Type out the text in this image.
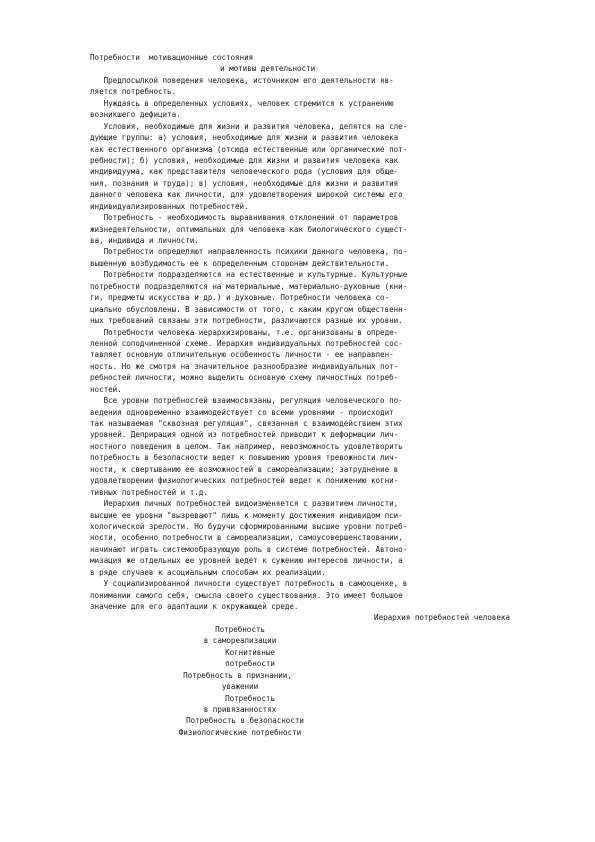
Потребности  мотивационные состояния
и мотивы деятельности
Предпосылкой поведения человека, источником его деятельности яв-
ляется потребность.
Нуждаясь в определенных условиях, человек стремится к устранению
возникшего дефицита.
Условия, необходимые для жизни и развития человека, делятся на сле-
дующие группы: а) условия, необходимые для жизни и развития человека
как естественного организма (отсюда естественные или органические пот-
ребности); б) условия, необходимые для жизни и развития человека как
индивидуума, как представителя человеческого рода (условия для обще-
ния, познания и труда); в) условия, необходимые для жизни и развития
данного человека как личности, для удовлетворения широкой системы его
индивидуализированных потребностей.
Потребность - необходимость выравнивания отклонений от параметров
жизнедеятельности, оптимальных для человека как биологического сущест-
ва, индивида и личности.
Потребности определяют направленность психики данного человека, по-
вышенную возбудимость ее к определенным сторонам действительности.
Потребности подразделяются на естественные и культурные. Культурные
потребности подразделяются на материальные, материально-духовные (кни-
ги, предметы искусства и др.) и духовные. Потребности человека со-
циально обусловлены. В зависимости от того, с каким кругом общественн-
ных требований связаны эти потребности, различаются разные их уровни.
Потребности человека иерархизированы, т.е. организованы в опреде-
ленной соподчиненной схеме. Иерархия индивидуальных потребностей сос-
тавляет основную отличительную особенность личности - ее направлен-
ность. Но же смотря на значительное разнообразие индивидуальных пот-
ребностей личности, можно выделить основную схему личностных потреб-
ностей.
Все уровни потребностей взаимосвязаны, регуляция человеческого по-
ведения одновременно взаимодействует со всеми уровнями - происходит
так называемая "сквозная регуляция", связанная с взаимодействием этих
уровней. Деприрация одной из потребностей приводит к деформации лич-
ностного поведения в целом. Так например, невозможность удовлетворить
потребность в безопасности ведет к повышению уровня тревожности лич-
ности, к свертыванию ее возможностей в самореализации; затруднение в
удовлетворении физиологических потребностей ведет к понижению когни-
тивных потребностей и т.д.
Иерархия личных потребностей видоизменяется с развитием личности,
высшие ее уровни "вызревают" лишь к моменту достижения индивидом пси-
хологической зрелости. Но будучи сформированными высшие уровни потреб-
ности, особенно потребности в самореализации, самоусовершенствовании,
начинают играть системообразующую роль в системе потребностей. Автоно-
мизация же отдельных ее уровней ведет к сужению интересов личности, а
в ряде случаев к асоциальным способам их реализации.
У социализированной личности существует потребность в самооценке, в
понимании самого себя, смысла своего существования. Это имеет большое
значение для его адаптации к окружающей среде.
Иерархия потребностей человека
Потребность
в самореализации
Когнитивные
потребности
Потребность в признании,
уважении
Потребность
в привязанностях
Потребность в безопасности
Физиологические потребности
